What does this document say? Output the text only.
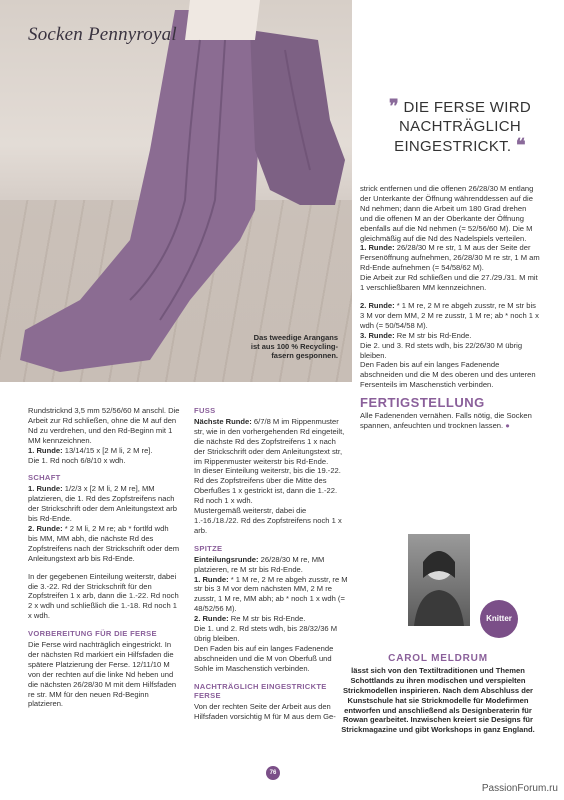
Socken Pennyroyal
Das tweedige Arangans ist aus 100 % Recycling-fasern gesponnen.
❞ DIE FERSE WIRD NACHTRÄGLICH EINGESTRICKT. ❝

Rundstricknd 3,5 mm 52/56/60 M anschl. Die Arbeit zur Rd schließen, ohne die M auf den Nd zu verdrehen, und den Rd-Beginn mit 1 MM kennzeichnen.
1. Runde: 13/14/15 x [2 M li, 2 M re].
Die 1. Rd noch 6/8/10 x wdh.

SCHAFT

1. Runde: 1/2/3 x [2 M li, 2 M re], MM platzieren, die 1. Rd des Zopfstreifens nach der Strickschrift oder dem Anleitungstext arb bis Rd-Ende.
2. Runde: * 2 M li, 2 M re; ab * fortlfd wdh bis MM, MM abh, die nächste Rd des Zopfstreifens nach der Strickschrift oder dem Anleitungstext arb bis Rd-Ende.

In der gegebenen Einteilung weiterstr, dabei die 3.-22. Rd der Strickschrift für den Zopfstreifen 1 x arb, dann die 1.-22. Rd noch 2 x wdh und schließlich die 1.-18. Rd noch 1 x wdh.

VORBEREITUNG FÜR DIE FERSE

Die Ferse wird nachträglich eingestrickt. In der nächsten Rd markiert ein Hilfsfaden die spätere Platzierung der Ferse. 12/11/10 M von der rechten auf die linke Nd heben und die nächsten 26/28/30 M mit dem Hilfsfaden re str. MM für den neuen Rd-Beginn platzieren.

FUSS

Nächste Runde: 6/7/8 M im Rippenmuster str, wie in den vorhergehenden Rd eingeteilt, die nächste Rd des Zopfstreifens 1 x nach der Strickschrift oder dem Anleitungstext str, im Rippenmuster weiterstr bis Rd-Ende.
In dieser Einteilung weiterstr, bis die 19.-22. Rd des Zopfstreifens über die Mitte des Oberfußes 1 x gestrickt ist, dann die 1.-22. Rd noch 1 x wdh.
Mustergemäß weiterstr, dabei die 1.-16./18./22. Rd des Zopfstreifens noch 1 x arb.

SPITZE

Einteilungsrunde: 26/28/30 M re, MM platzieren, re M str bis Rd-Ende.
1. Runde: * 1 M re, 2 M re abgeh zusstr, re M str bis 3 M vor dem nächsten MM, 2 M re zusstr, 1 M re, MM abh; ab * noch 1 x wdh (= 48/52/56 M).
2. Runde: Re M str bis Rd-Ende.
Die 1. und 2. Rd stets wdh, bis 28/32/36 M übrig bleiben.
Den Faden bis auf ein langes Fadenende abschneiden und die M von Oberfuß und Sohle im Maschenstich verbinden.

NACHTRÄGLICH EINGESTRICKTE FERSE

Von der rechten Seite der Arbeit aus den Hilfsfaden vorsichtig M für M aus dem Ge-

strick entfernen und die offenen 26/28/30 M entlang der Unterkante der Öffnung währenddessen auf die Nd nehmen; dann die Arbeit um 180 Grad drehen und die offenen M an der Oberkante der Öffnung ebenfalls auf die Nd nehmen (= 52/56/60 M). Die M gleichmäßig auf die Nd des Nadelspiels verteilen.
1. Runde: 26/28/30 M re str, 1 M aus der Seite der Fersenöffnung aufnehmen, 26/28/30 M re str, 1 M am Rd-Ende aufnehmen (= 54/58/62 M).
Die Arbeit zur Rd schließen und die 27./29./31. M mit 1 verschließbaren MM kennzeichnen.

2. Runde: * 1 M re, 2 M re abgeh zusstr, re M str bis 3 M vor dem MM, 2 M re zusstr, 1 M re; ab * noch 1 x wdh (= 50/54/58 M).
3. Runde: Re M str bis Rd-Ende.
Die 2. und 3. Rd stets wdh, bis 22/26/30 M übrig bleiben.
Den Faden bis auf ein langes Fadenende abschneiden und die M des oberen und des unteren Fersenteils im Maschenstich verbinden.

FERTIGSTELLUNG

Alle Fadenenden vernähen. Falls nötig, die Socken spannen, anfeuchten und trocknen lassen. ●

Knitter
CAROL MELDRUM
lässt sich von den Textiltraditionen und Themen Schottlands zu ihren modischen und verspielten Strickmodellen inspirieren. Nach dem Abschluss der Kunstschule hat sie Strickmodelle für Modefirmen entworfen und anschließend als Designberaterin für Rowan gearbeitet. Inzwischen kreiert sie Designs für Strickmagazine und gibt Workshops in ganz England.
76
PassionForum.ru
